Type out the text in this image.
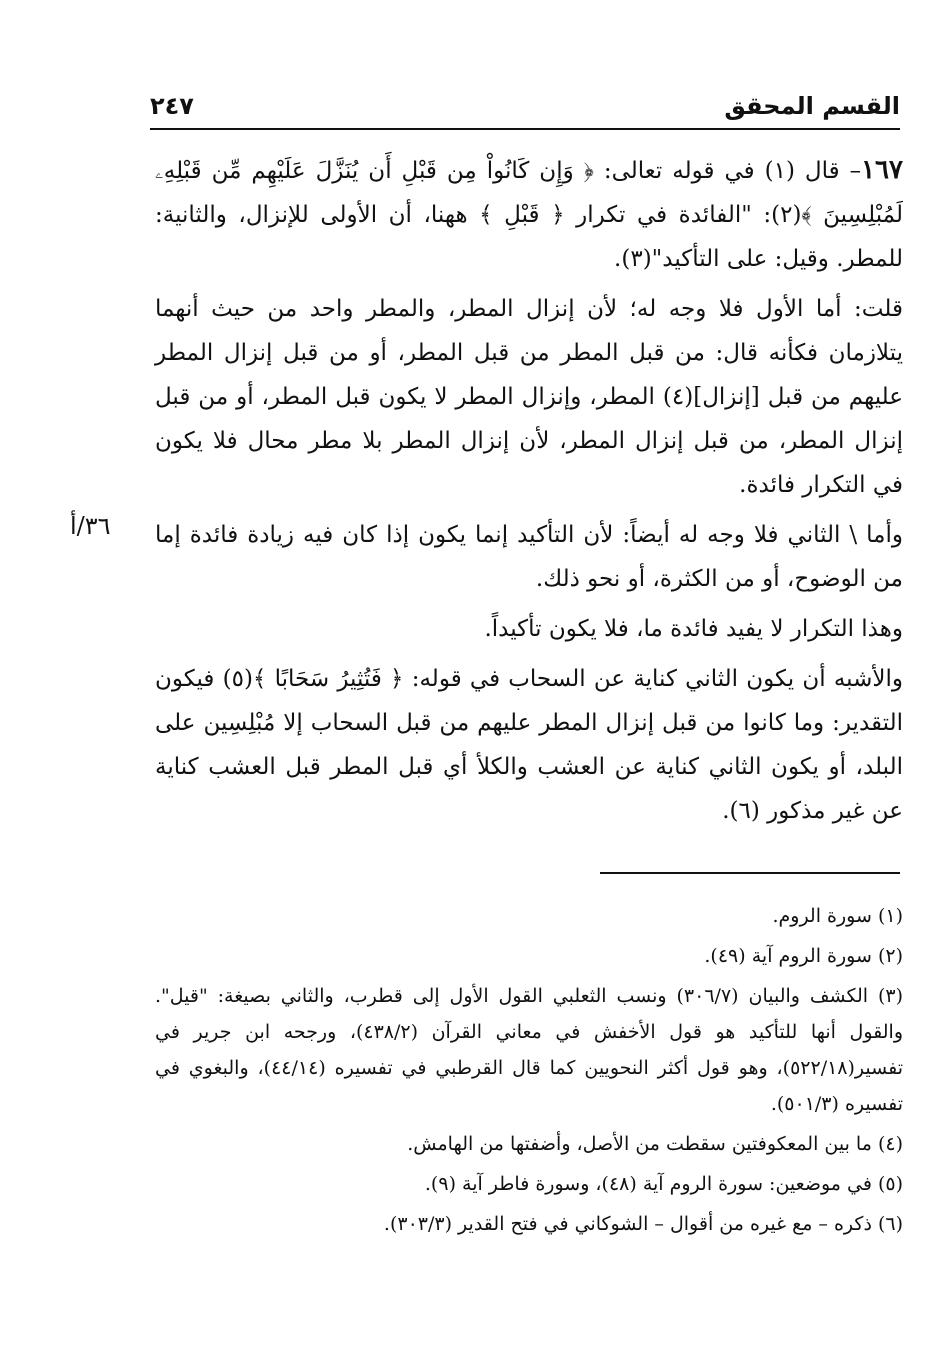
القسم المحقق
٢٤٧
٣٦/أ

١٦٧– قال (١) في قوله تعالى: ﴿ وَإِن كَانُواْ مِن قَبْلِ أَن يُنَزَّلَ عَلَيْهِم مِّن قَبْلِهِۦ لَمُبْلِسِينَ ﴾(٢): "الفائدة في تكرار ﴿ قَبْلِ ﴾ ههنا، أن الأولى للإنزال، والثانية: للمطر. وقيل: على التأكيد"(٣).

قلت: أما الأول فلا وجه له؛ لأن إنزال المطر، والمطر واحد من حيث أنهما يتلازمان فكأنه قال: من قبل المطر من قبل المطر، أو من قبل إنزال المطر عليهم من قبل [إنزال](٤) المطر، وإنزال المطر لا يكون قبل المطر، أو من قبل إنزال المطر، من قبل إنزال المطر، لأن إنزال المطر بلا مطر محال فلا يكون في التكرار فائدة.

وأما \ الثاني فلا وجه له أيضاً: لأن التأكيد إنما يكون إذا كان فيه زيادة فائدة إما من الوضوح، أو من الكثرة، أو نحو ذلك.

وهذا التكرار لا يفيد فائدة ما، فلا يكون تأكيداً.

والأشبه أن يكون الثاني كناية عن السحاب في قوله: ﴿ فَتُثِيرُ سَحَابًا ﴾(٥) فيكون التقدير: وما كانوا من قبل إنزال المطر عليهم من قبل السحاب إلا مُبْلِسِين على البلد، أو يكون الثاني كناية عن العشب والكلأ أي قبل المطر قبل العشب كناية عن غير مذكور (٦).

(١) سورة الروم.
(٢) سورة الروم آية (٤٩).
(٣) الكشف والبيان (٣٠٦/٧) ونسب الثعلبي القول الأول إلى قطرب، والثاني بصيغة: "قيل". والقول أنها للتأكيد هو قول الأخفش في معاني القرآن (٤٣٨/٢)، ورجحه ابن جرير في تفسير(٥٢٢/١٨)، وهو قول أكثر النحويين كما قال القرطبي في تفسيره (٤٤/١٤)، والبغوي في تفسيره (٥٠١/٣).
(٤) ما بين المعكوفتين سقطت من الأصل، وأضفتها من الهامش.
(٥) في موضعين: سورة الروم آية (٤٨)، وسورة فاطر آية (٩).
(٦) ذكره – مع غيره من أقوال – الشوكاني في فتح القدير (٣٠٣/٣).
